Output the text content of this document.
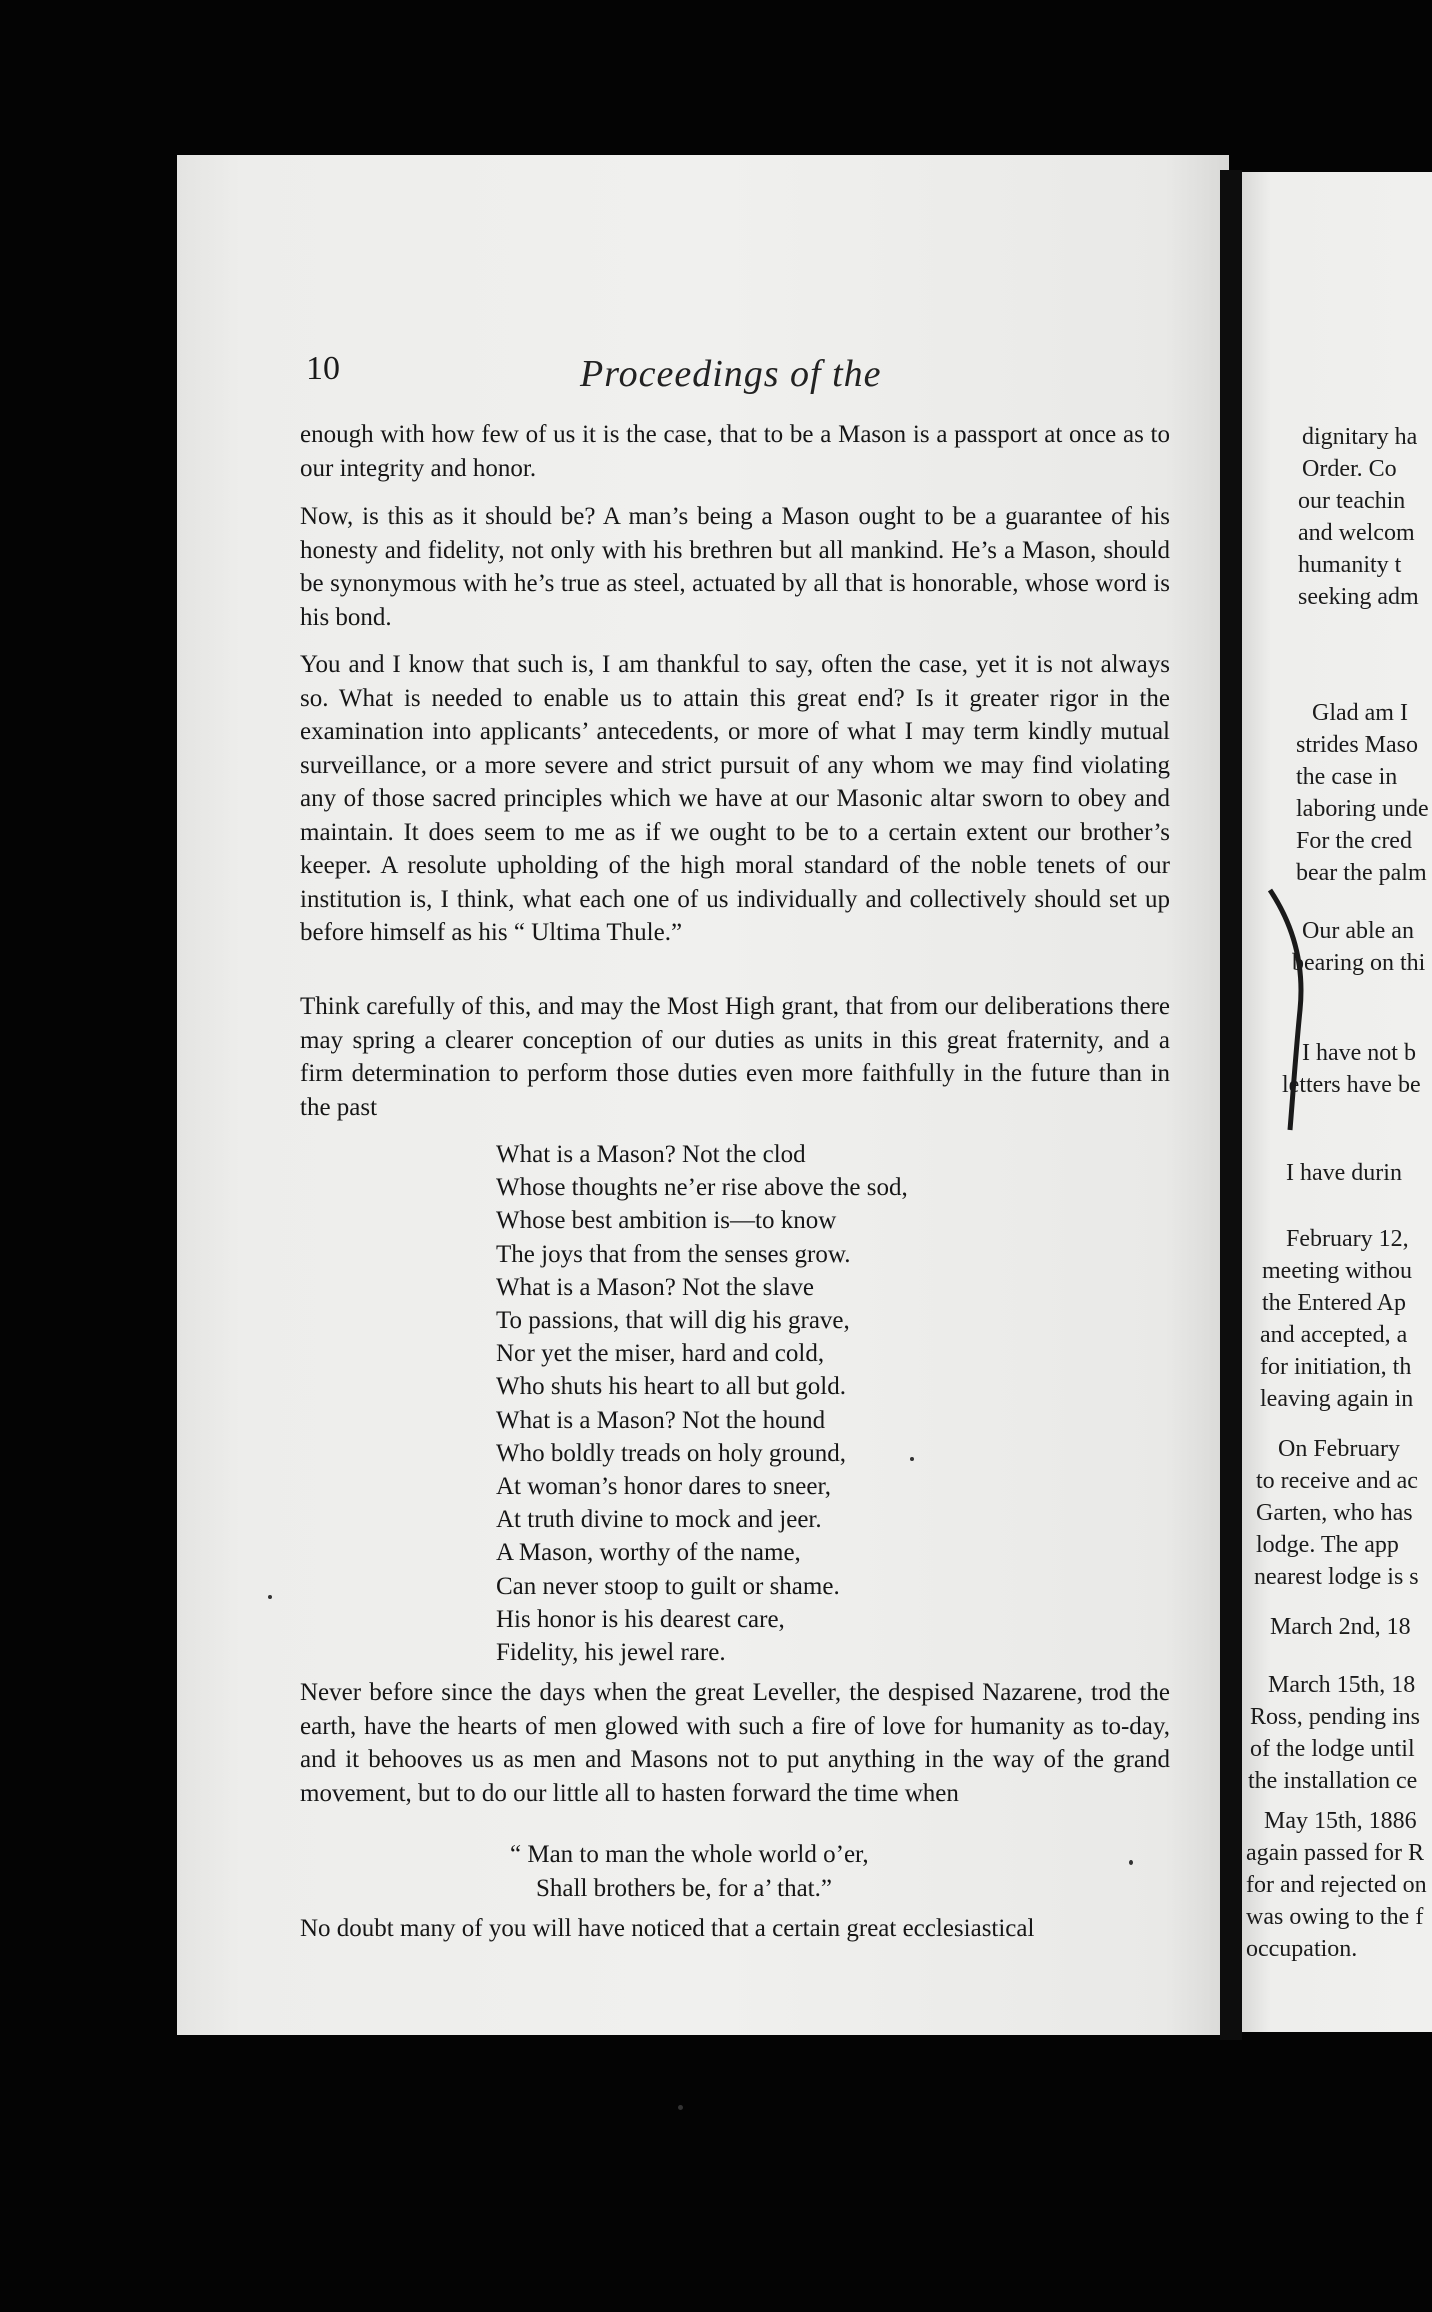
10	Proceedings of the

enough with how few of us it is the case, that to be a Mason is a passport at once as to our integrity and honor.

Now, is this as it should be? A man’s being a Mason ought to be a guarantee of his honesty and fidelity, not only with his brethren but all mankind. He’s a Mason, should be synonymous with he’s true as steel, actuated by all that is honorable, whose word is his bond.

You and I know that such is, I am thankful to say, often the case, yet it is not always so. What is needed to enable us to attain this great end? Is it greater rigor in the examination into applicants’ antecedents, or more of what I may term kindly mutual surveillance, or a more severe and strict pursuit of any whom we may find violating any of those sacred principles which we have at our Masonic altar sworn to obey and maintain. It does seem to me as if we ought to be to a certain extent our brother’s keeper. A resolute upholding of the high moral standard of the noble tenets of our institution is, I think, what each one of us individually and collectively should set up before himself as his “ Ultima Thule.”

Think carefully of this, and may the Most High grant, that from our deliberations there may spring a clearer conception of our duties as units in this great fraternity, and a firm determination to perform those duties even more faithfully in the future than in the past

What is a Mason? Not the clod
Whose thoughts ne’er rise above the sod,
Whose best ambition is—to know
The joys that from the senses grow.
What is a Mason? Not the slave
To passions, that will dig his grave,
Nor yet the miser, hard and cold,
Who shuts his heart to all but gold.
What is a Mason? Not the hound
Who boldly treads on holy ground,
At woman’s honor dares to sneer,
At truth divine to mock and jeer.
A Mason, worthy of the name,
Can never stoop to guilt or shame.
His honor is his dearest care,
Fidelity, his jewel rare.

Never before since the days when the great Leveller, the despised Nazarene, trod the earth, have the hearts of men glowed with such a fire of love for humanity as to-day, and it behooves us as men and Masons not to put anything in the way of the grand movement, but to do our little all to hasten forward the time when

“ Man to man the whole world o’er,
Shall brothers be, for a’ that.”

No doubt many of you will have noticed that a certain great ecclesiastical

dignitary ha
Order. Co
our teachin
and welcom
humanity t
seeking adm
Glad am I
strides Maso
the case in
laboring unde
For the cred
bear the palm
Our able an
bearing on thi
I have not b
letters have be
I have durin
February 12,
meeting withou
the Entered Ap
and accepted, a
for initiation, th
leaving again in
On February
to receive and ac
Garten, who has
lodge. The app
nearest lodge is s
March 2nd, 18
March 15th, 18
Ross, pending ins
of the lodge until
the installation ce
May 15th, 1886
again passed for R
for and rejected on
was owing to the f
occupation.
